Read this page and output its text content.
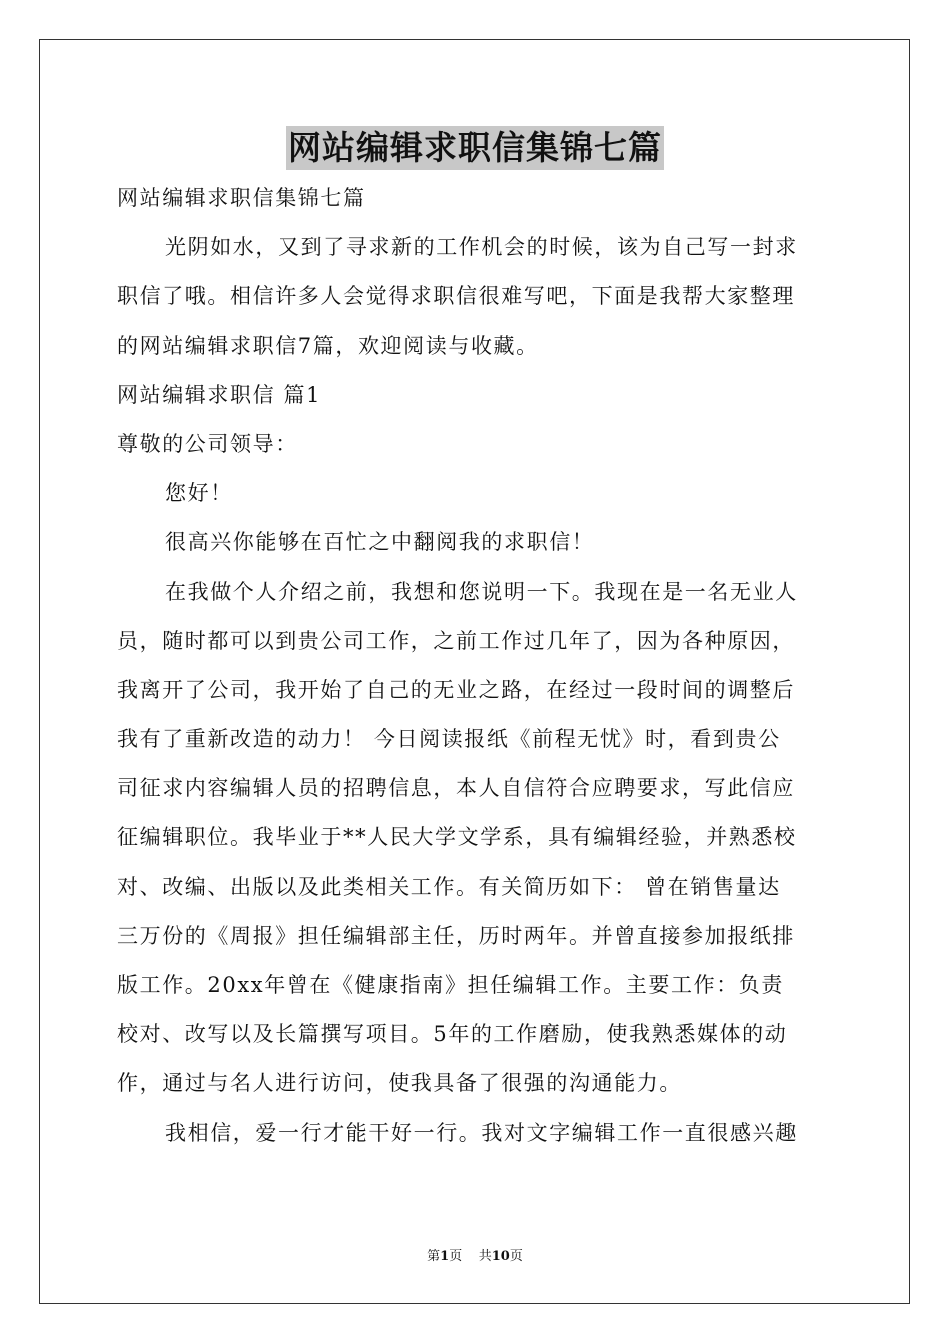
网站编辑求职信集锦七篇
网站编辑求职信集锦七篇
光阴如水，又到了寻求新的工作机会的时候，该为自己写一封求
职信了哦。相信许多人会觉得求职信很难写吧，下面是我帮大家整理
的网站编辑求职信7篇，欢迎阅读与收藏。
网站编辑求职信 篇1
尊敬的公司领导：
您好！
很高兴你能够在百忙之中翻阅我的求职信！
在我做个人介绍之前，我想和您说明一下。我现在是一名无业人
员，随时都可以到贵公司工作，之前工作过几年了，因为各种原因，
我离开了公司，我开始了自己的无业之路，在经过一段时间的调整后
我有了重新改造的动力！ 今日阅读报纸《前程无忧》时，看到贵公
司征求内容编辑人员的招聘信息，本人自信符合应聘要求，写此信应
征编辑职位。我毕业于**人民大学文学系，具有编辑经验，并熟悉校
对、改编、出版以及此类相关工作。有关简历如下： 曾在销售量达
三万份的《周报》担任编辑部主任，历时两年。并曾直接参加报纸排
版工作。20xx年曾在《健康指南》担任编辑工作。主要工作：负责
校对、改写以及长篇撰写项目。5年的工作磨励，使我熟悉媒体的动
作，通过与名人进行访问，使我具备了很强的沟通能力。
我相信，爱一行才能干好一行。我对文字编辑工作一直很感兴趣
第1页 共10页
